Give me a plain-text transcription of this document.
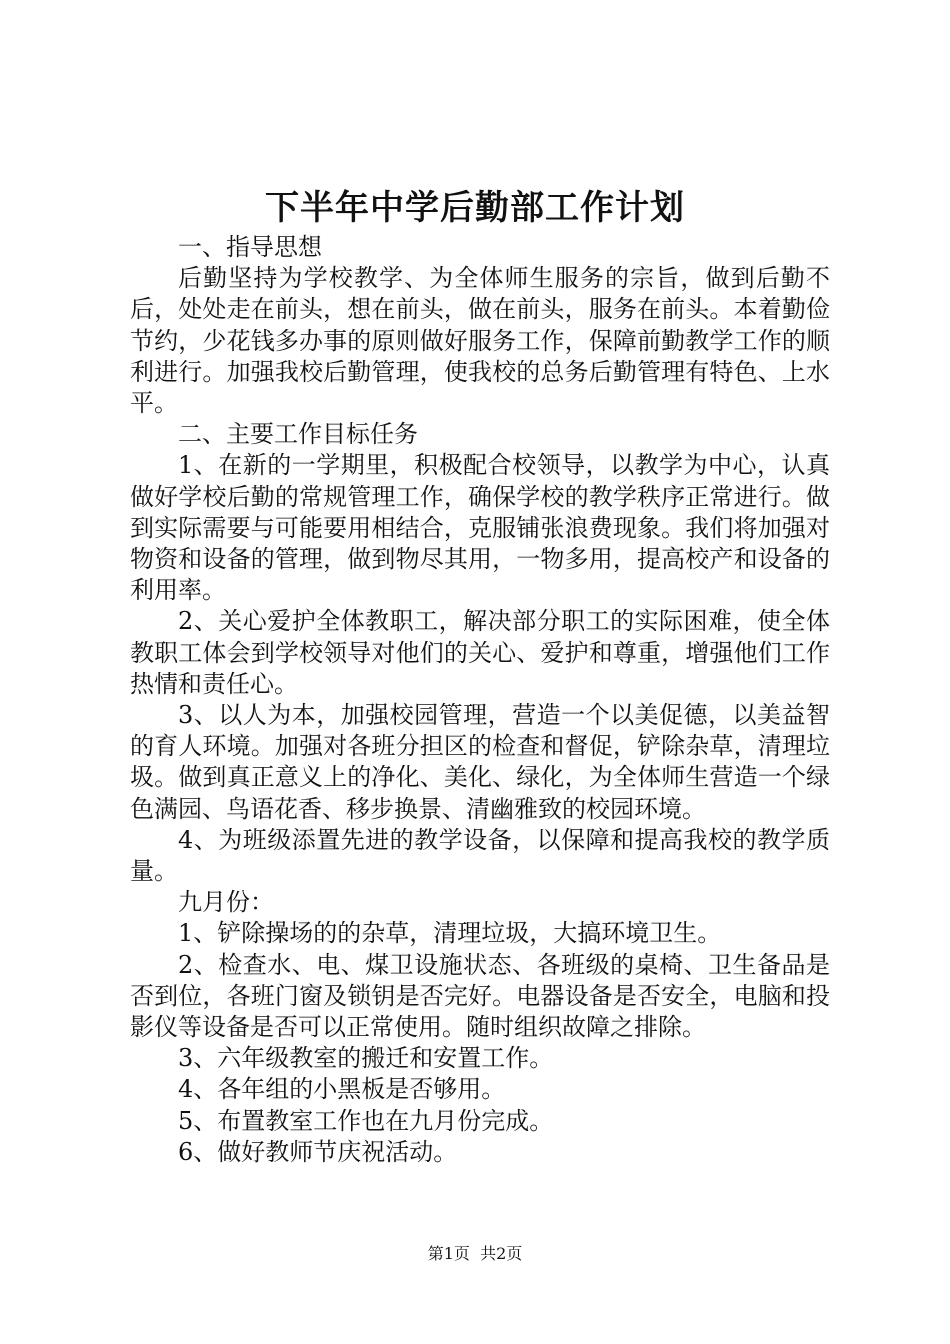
下半年中学后勤部工作计划

一、指导思想

后勤坚持为学校教学、为全体师生服务的宗旨，做到后勤不后，处处走在前头，想在前头，做在前头，服务在前头。本着勤俭节约，少花钱多办事的原则做好服务工作，保障前勤教学工作的顺利进行。加强我校后勤管理，使我校的总务后勤管理有特色、上水平。

二、主要工作目标任务

1、在新的一学期里，积极配合校领导，以教学为中心，认真做好学校后勤的常规管理工作，确保学校的教学秩序正常进行。做到实际需要与可能要用相结合，克服铺张浪费现象。我们将加强对物资和设备的管理，做到物尽其用，一物多用，提高校产和设备的利用率。

2、关心爱护全体教职工，解决部分职工的实际困难，使全体教职工体会到学校领导对他们的关心、爱护和尊重，增强他们工作热情和责任心。

3、以人为本，加强校园管理，营造一个以美促德，以美益智的育人环境。加强对各班分担区的检查和督促，铲除杂草，清理垃圾。做到真正意义上的净化、美化、绿化，为全体师生营造一个绿色满园、鸟语花香、移步换景、清幽雅致的校园环境。

4、为班级添置先进的教学设备，以保障和提高我校的教学质量。

九月份：

1、铲除操场的的杂草，清理垃圾，大搞环境卫生。

2、检查水、电、煤卫设施状态、各班级的桌椅、卫生备品是否到位，各班门窗及锁钥是否完好。电器设备是否安全，电脑和投影仪等设备是否可以正常使用。随时组织故障之排除。

3、六年级教室的搬迁和安置工作。

4、各年组的小黑板是否够用。

5、布置教室工作也在九月份完成。

6、做好教师节庆祝活动。

第1页 共2页
